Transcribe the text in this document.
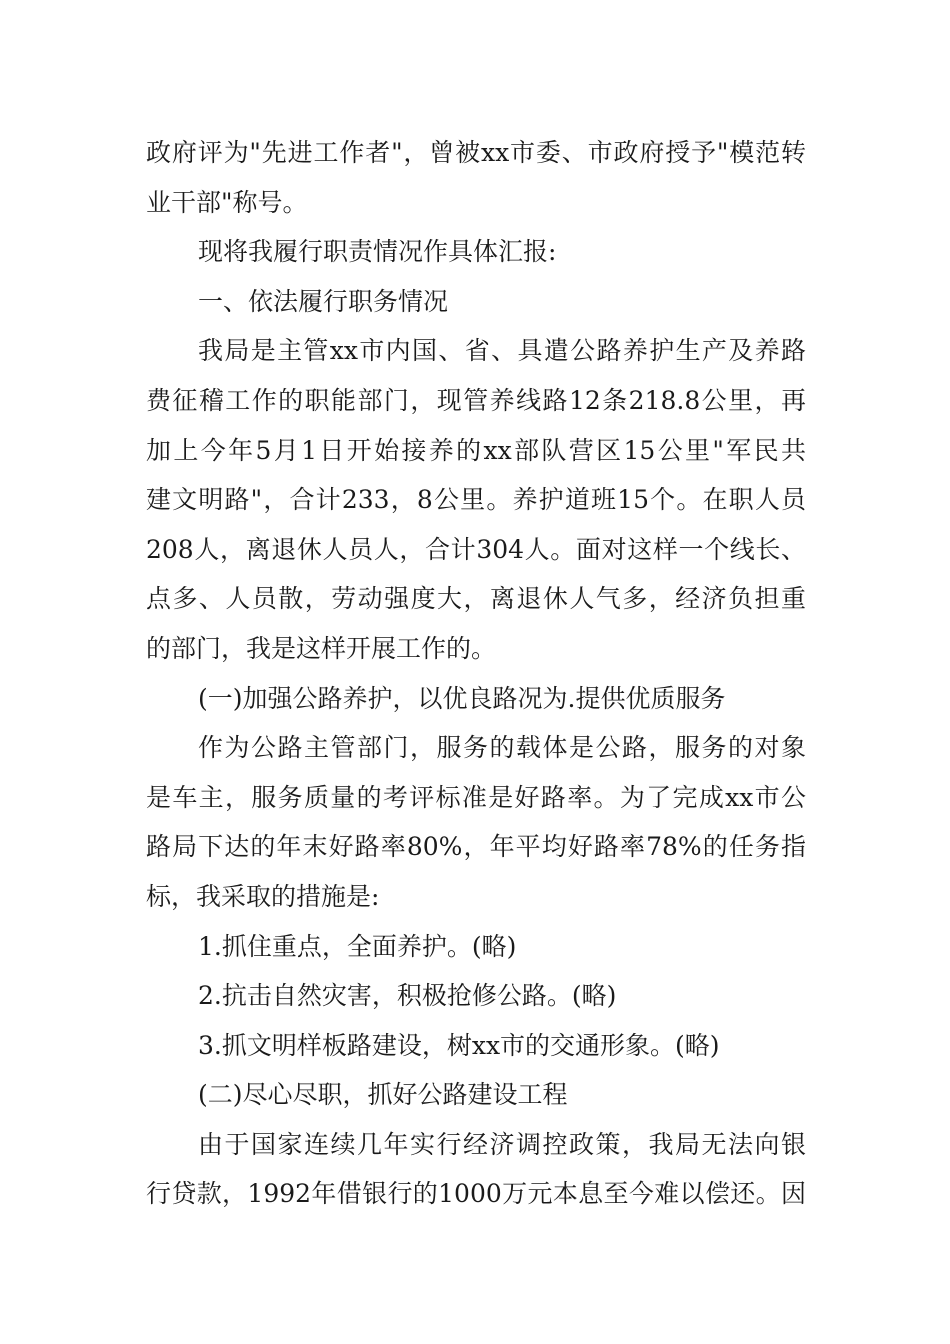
政府评为"先进工作者"，曾被xx市委、市政府授予"模范转
业干部"称号。
现将我履行职责情况作具体汇报:
一、依法履行职务情况
我局是主管xx市内国、省、具遣公路养护生产及养路
费征稽工作的职能部门，现管养线路12条218.8公里，再
加上今年5月1日开始接养的xx部队营区15公里"军民共
建文明路"，合计233，8公里。养护道班15个。在职人员
208人，离退休人员人，合计304人。面对这样一个线长、
点多、人员散，劳动强度大，离退休人气多，经济负担重
的部门，我是这样开展工作的。
(一)加强公路养护，以优良路况为.提供优质服务
作为公路主管部门，服务的载体是公路，服务的对象
是车主，服务质量的考评标准是好路率。为了完成xx市公
路局下达的年末好路率80%，年平均好路率78%的任务指
标，我采取的措施是:
1.抓住重点，全面养护。(略)
2.抗击自然灾害，积极抢修公路。(略)
3.抓文明样板路建设，树xx市的交通形象。(略)
(二)尽心尽职，抓好公路建设工程
由于国家连续几年实行经济调控政策，我局无法向银
行贷款，1992年借银行的1000万元本息至今难以偿还。因
